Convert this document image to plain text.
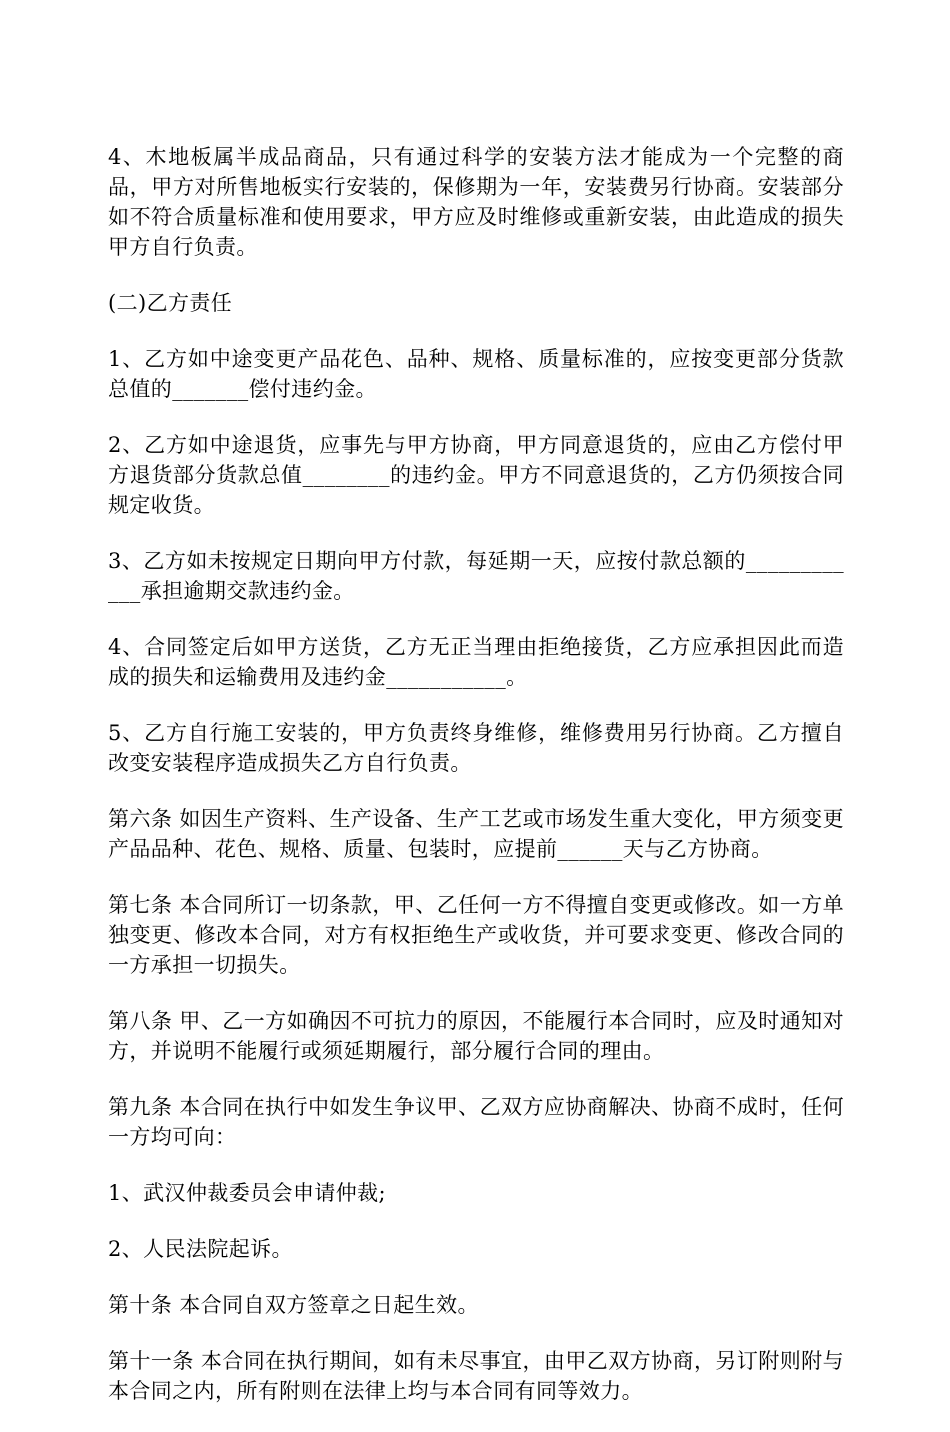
4、木地板属半成品商品，只有通过科学的安装方法才能成为一个完整的商品，甲方对所售地板实行安装的，保修期为一年，安装费另行协商。安装部分如不符合质量标准和使用要求，甲方应及时维修或重新安装，由此造成的损失甲方自行负责。

(二)乙方责任

1、乙方如中途变更产品花色、品种、规格、质量标准的，应按变更部分货款总值的_______偿付违约金。

2、乙方如中途退货，应事先与甲方协商，甲方同意退货的，应由乙方偿付甲方退货部分货款总值________的违约金。甲方不同意退货的，乙方仍须按合同规定收货。

3、乙方如未按规定日期向甲方付款，每延期一天，应按付款总额的____________承担逾期交款违约金。

4、合同签定后如甲方送货，乙方无正当理由拒绝接货，乙方应承担因此而造成的损失和运输费用及违约金___________。

5、乙方自行施工安装的，甲方负责终身维修，维修费用另行协商。乙方擅自改变安装程序造成损失乙方自行负责。

第六条 如因生产资料、生产设备、生产工艺或市场发生重大变化，甲方须变更产品品种、花色、规格、质量、包装时，应提前______天与乙方协商。

第七条 本合同所订一切条款，甲、乙任何一方不得擅自变更或修改。如一方单独变更、修改本合同，对方有权拒绝生产或收货，并可要求变更、修改合同的一方承担一切损失。

第八条 甲、乙一方如确因不可抗力的原因，不能履行本合同时，应及时通知对方，并说明不能履行或须延期履行，部分履行合同的理由。

第九条 本合同在执行中如发生争议甲、乙双方应协商解决、协商不成时，任何一方均可向：

1、武汉仲裁委员会申请仲裁;

2、人民法院起诉。

第十条 本合同自双方签章之日起生效。

第十一条 本合同在执行期间，如有未尽事宜，由甲乙双方协商，另订附则附与本合同之内，所有附则在法律上均与本合同有同等效力。
